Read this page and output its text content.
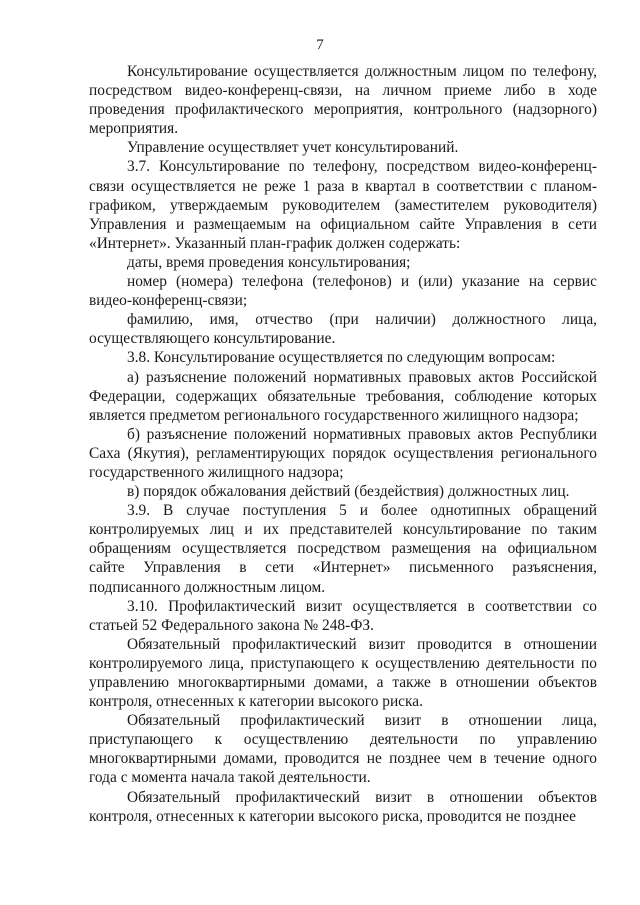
7

Консультирование осуществляется должностным лицом по телефону, посредством видео-конференц-связи, на личном приеме либо в ходе проведения профилактического мероприятия, контрольного (надзорного) мероприятия.

Управление осуществляет учет консультирований.

3.7. Консультирование по телефону, посредством видео-конференц-связи осуществляется не реже 1 раза в квартал в соответствии с планом-графиком, утверждаемым руководителем (заместителем руководителя) Управления и размещаемым на официальном сайте Управления в сети «Интернет». Указанный план-график должен содержать:

даты, время проведения консультирования;

номер (номера) телефона (телефонов) и (или) указание на сервис видео-конференц-связи;

фамилию, имя, отчество (при наличии) должностного лица, осуществляющего консультирование.

3.8. Консультирование осуществляется по следующим вопросам:

а) разъяснение положений нормативных правовых актов Российской Федерации, содержащих обязательные требования, соблюдение которых является предметом регионального государственного жилищного надзора;

б) разъяснение положений нормативных правовых актов Республики Саха (Якутия), регламентирующих порядок осуществления регионального государственного жилищного надзора;

в) порядок обжалования действий (бездействия) должностных лиц.

3.9. В случае поступления 5 и более однотипных обращений контролируемых лиц и их представителей консультирование по таким обращениям осуществляется посредством размещения на официальном сайте Управления в сети «Интернет» письменного разъяснения, подписанного должностным лицом.

3.10. Профилактический визит осуществляется в соответствии со статьей 52 Федерального закона № 248-ФЗ.

Обязательный профилактический визит проводится в отношении контролируемого лица, приступающего к осуществлению деятельности по управлению многоквартирными домами, а также в отношении объектов контроля, отнесенных к категории высокого риска.

Обязательный профилактический визит в отношении лица, приступающего к осуществлению деятельности по управлению многоквартирными домами, проводится не позднее чем в течение одного года с момента начала такой деятельности.

Обязательный профилактический визит в отношении объектов контроля, отнесенных к категории высокого риска, проводится не позднее
